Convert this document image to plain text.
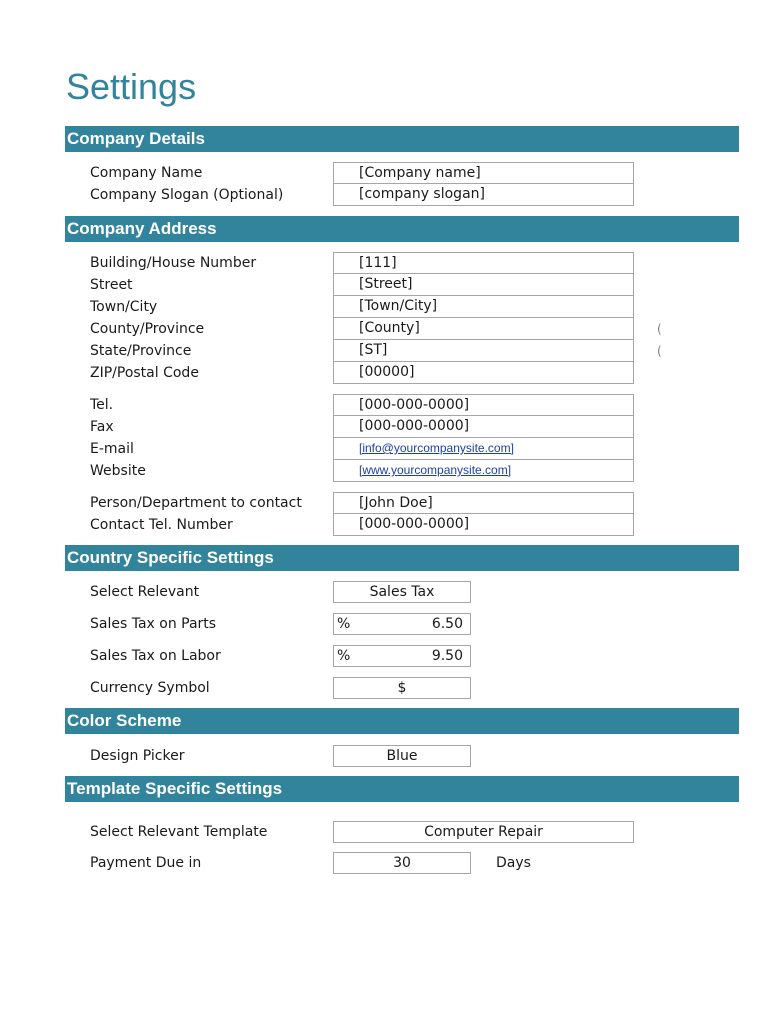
Settings
Company Details
Company Name	[Company name]
Company Slogan (Optional)	[company slogan]
Company Address
Building/House Number	[111]
Street	[Street]
Town/City	[Town/City]
County/Province	[County]	(
State/Province	[ST]	(
ZIP/Postal Code	[00000]
Tel.	[000-000-0000]
Fax	[000-000-0000]
E-mail	[info@yourcompanysite.com]
Website	[www.yourcompanysite.com]
Person/Department to contact	[John Doe]
Contact Tel. Number	[000-000-0000]
Country Specific Settings
Select Relevant	Sales Tax
Sales Tax on Parts	%	6.50
Sales Tax on Labor	%	9.50
Currency Symbol	$
Color Scheme
Design Picker	Blue
Template Specific Settings
Select Relevant Template	Computer Repair
Payment Due in	30	Days
